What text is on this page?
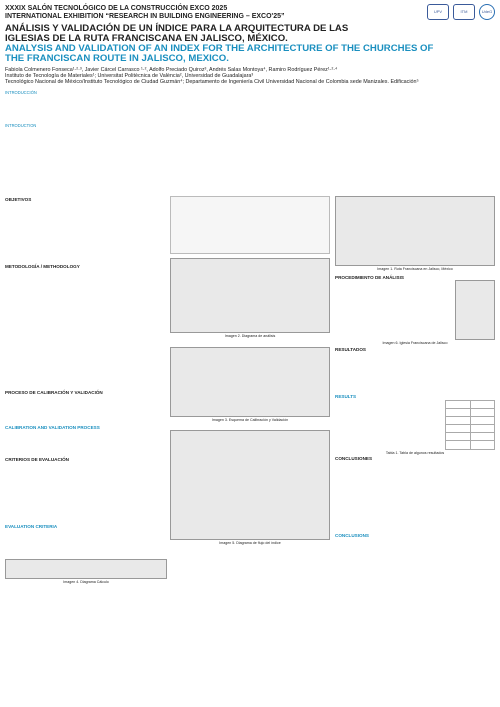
XXXIX SALÓN TECNOLÓGICO DE LA CONSTRUCCIÓN EXCO 2025
INTERNATIONAL EXHIBITION “RESEARCH IN BUILDING ENGINEERING – EXCO'25”
UPV	ITM	UdeG
ANÁLISIS Y VALIDACIÓN DE UN ÍNDICE PARA LA ARQUITECTURA DE LAS IGLESIAS DE LA RUTA FRANCISCANA EN JALISCO, MÉXICO.
ANALYSIS AND VALIDATION OF AN INDEX FOR THE ARCHITECTURE OF THE CHURCHES OF THE FRANCISCAN ROUTE IN JALISCO, MEXICO.
Fabiola Colmenero Fonseca¹·²·³, Javier Cárcel Carrasco ¹·², Adolfo Preciado Quiroz³, Andrés Salas Montoya⁴, Ramiro Rodríguez Pérez¹·²·⁴
Instituto de Tecnología de Materiales¹; Universitat Politècnica de València², Universidad de Guadalajara³
Tecnológico Nacional de México/Instituto Tecnológico de Ciudad Guzmán⁴; Departamento de Ingeniería Civil Universidad Nacional de Colombia sede Manizales. Edificación⁵
INTRODUCCIÓN
INTRODUCTION
OBJETIVOS
METODOLOGÍA / METHODOLOGY
PROCESO DE CALIBRACIÓN Y VALIDACIÓN
CALIBRATION AND VALIDATION PROCESS
CRITERIOS DE EVALUACIÓN
EVALUATION CRITERIA
Imagen 4. Diagrama Cálculo
Imagen 2. Diagrama de análisis
Imagen 3. Esquema de Calibración y Validación
Imagen 5. Diagrama de flujo del índice
Imagen 1. Ruta Franciscana en Jalisco, México
PROCEDIMIENTO DE ANÁLISIS
Imagen 6. Iglesia Franciscana de Jalisco
RESULTADOS
RESULTS

Tabla 1. Tabla de algunos resultados
CONCLUSIONES
CONCLUSIONS
